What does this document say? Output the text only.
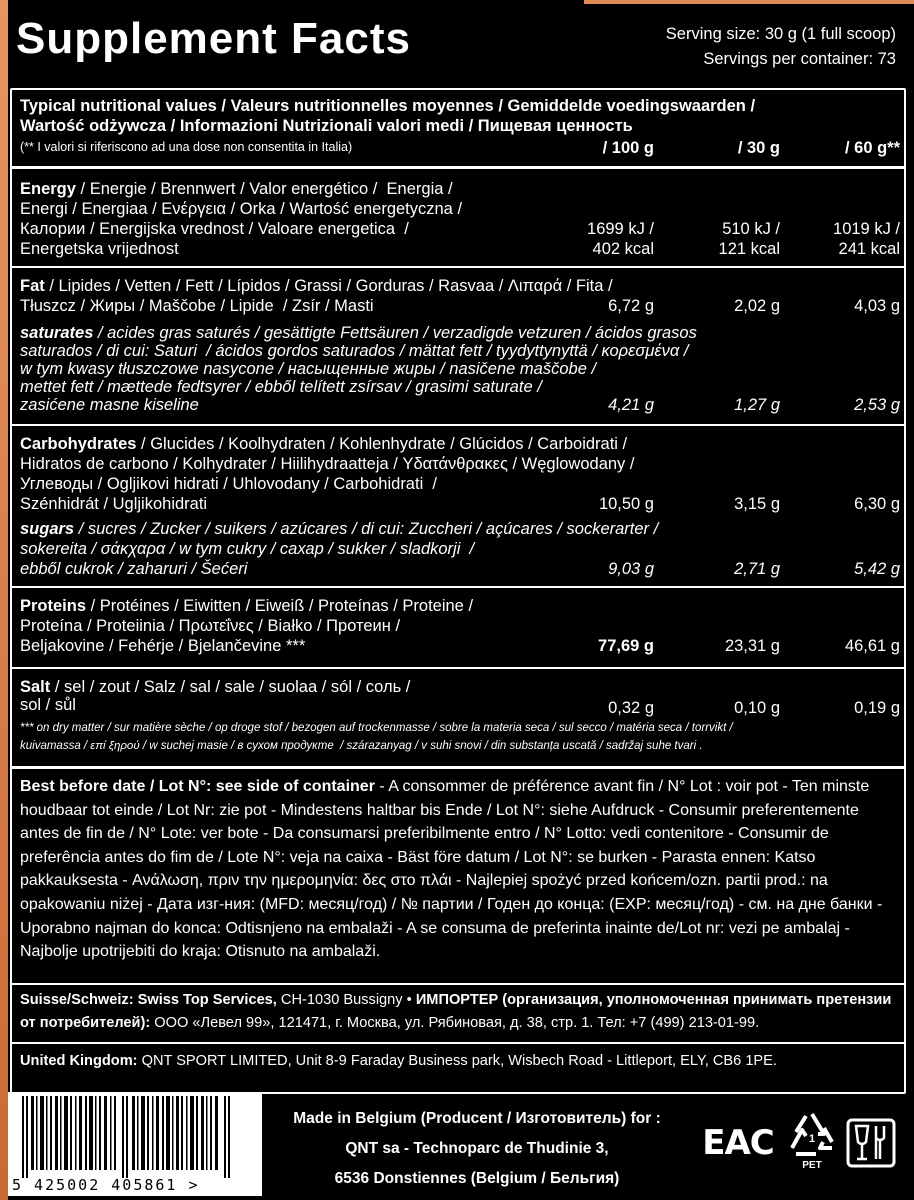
Supplement Facts	Serving size: 30 g (1 full scoop)
Servings per container: 73
Typical nutritional values / Valeurs nutritionnelles moyennes / Gemiddelde voedingswaarden /
Wartość odżywcza / Informazioni Nutrizionali valori medi / Пищевая ценность
(** I valori si riferiscono ad una dose non consentita in Italia)	/ 100 g	/ 30 g	/ 60 g**
Energy / Energie / Brennwert / Valor energético /  Energia /
Energi / Energiaa / Ενέργεια / Orka / Wartość energetyczna /
Калории / Energijska vrednost / Valoare energetica  /
Energetska vrijednost
1699 kJ /	510 kJ /	1019 kJ /
402 kcal	121 kcal	241 kcal
Fat / Lipides / Vetten / Fett / Lípidos / Grassi / Gorduras / Rasvaa / Λιπαρά / Fita /
Tłuszcz / Жиры / Maščobe / Lipide  / Zsír / Masti	6,72 g	2,02 g	4,03 g
saturates / acides gras saturés / gesättigte Fettsäuren / verzadigde vetzuren / ácidos grasos
saturados / di cui: Saturi  / ácidos gordos saturados / mättat fett / tyydyttynyttä / κορεσμένα /
w tym kwasy tłuszczowe nasycone / насыщенные жиры / nasičene maščobe /
mettet fett / mættede fedtsyrer / ebből telített zsírsav / grasimi saturate /
zasićene masne kiseline	4,21 g	1,27 g	2,53 g
Carbohydrates / Glucides / Koolhydraten / Kohlenhydrate / Glúcidos / Carboidrati /
Hidratos de carbono / Kolhydrater / Hiilihydraatteja / Υδατάνθρακες / Węglowodany /
Углеводы / Ogljikovi hidrati / Uhlovodany / Carbohidrati  /
Szénhidrát / Ugljikohidrati	10,50 g	3,15 g	6,30 g
sugars / sucres / Zucker / suikers / azúcares / di cui: Zuccheri / açúcares / sockerarter /
sokereita / σάκχαρα / w tym cukry / сахар / sukker / sladkorji  /
ebből cukrok / zaharuri / Šećeri	9,03 g	2,71 g	5,42 g
Proteins / Protéines / Eiwitten / Eiweiß / Proteínas / Proteine /
Proteína / Proteiinia / Πρωτεΐνες / Białko / Протеин /
Beljakovine / Fehérje / Bjelančevine ***	77,69 g	23,31 g	46,61 g
Salt / sel / zout / Salz / sal / sale / suolaa / sól / соль /
sol / sůl	0,32 g	0,10 g	0,19 g
*** on dry matter / sur matière sèche / op droge stof / bezogen auf trockenmasse / sobre la materia seca / sul secco / matéria seca / torrvikt /
kuivamassa / επί ξηρού / w suchej masie / в сухом продукте  / szárazanyag / v suhi snovi / din substanța uscată / sadržaj suhe tvari .
Best before date / Lot N°: see side of container - A consommer de préférence avant fin / N° Lot : voir pot - Ten minste houdbaar tot einde / Lot Nr: zie pot - Mindestens haltbar bis Ende / Lot N°: siehe Aufdruck - Consumir preferentemente antes de fin de / N° Lote: ver bote - Da consumarsi preferibilmente entro / N° Lotto: vedi contenitore - Consumir de preferência antes do fim de / Lote N°: veja na caixa - Bäst före datum / Lot N°: se burken - Parasta ennen: Katso pakkauksesta - Ανάλωση, πριν την ημερομηνία: δες στο πλάι - Najlepiej spożyć przed końcem/ozn. partii prod.: na opakowaniu niżej - Дата изг-ния: (MFD: месяц/год) / № партии / Годен до конца: (EXP: месяц/год) - см. на дне банки - Uporabno najman do konca: Odtisnjeno na embalaži - A se consuma de preferinta inainte de/Lot nr: vezi pe ambalaj - Najbolje upotrijebiti do kraja: Otisnuto na ambalaži.
Suisse/Schweiz: Swiss Top Services, CH-1030 Bussigny • ИМПОРТЕР (организация, уполномоченная принимать претензии от потребителей): ООО «Левел 99», 121471, г. Москва, ул. Рябиновая, д. 38, стр. 1. Тел: +7 (499) 213-01-99.
United Kingdom: QNT SPORT LIMITED, Unit 8-9 Faraday Business park, Wisbech Road - Littleport, ELY, CB6 1PE.
5 425002 405861 >
Made in Belgium (Producent / Изготовитель) for :
QNT sa - Technoparc de Thudinie 3,
6536 Donstiennes (Belgium / Бельгия)
EAC	1
PET
